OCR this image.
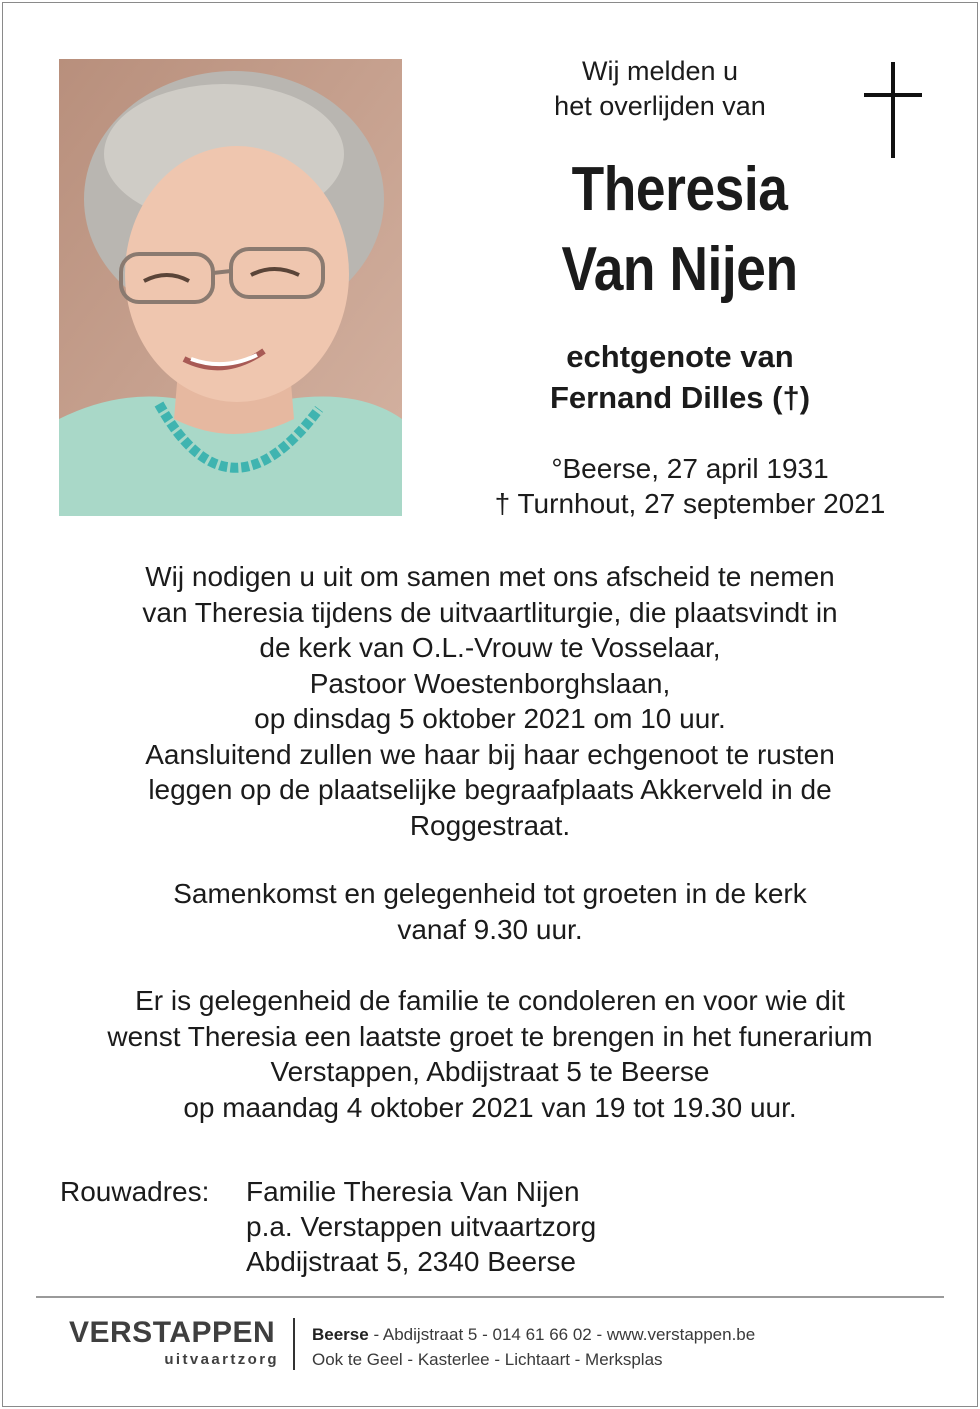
Wij melden u
het overlijden van
Theresia
Van Nijen
echtgenote van
Fernand Dilles (†)
°Beerse, 27 april 1931
† Turnhout, 27 september 2021
Wij nodigen u uit om samen met ons afscheid te nemen
van Theresia tijdens de uitvaartliturgie, die plaatsvindt in
de kerk van O.L.-Vrouw te Vosselaar,
Pastoor Woestenborghslaan,
op dinsdag 5 oktober 2021 om 10 uur.
Aansluitend zullen we haar bij haar echgenoot te rusten
leggen op de plaatselijke begraafplaats Akkerveld in de
Roggestraat.
Samenkomst en gelegenheid tot groeten in de kerk
vanaf 9.30 uur.
Er is gelegenheid de familie te condoleren en voor wie dit
wenst Theresia een laatste groet te brengen in het funerarium
Verstappen, Abdijstraat 5 te Beerse
op maandag 4 oktober 2021 van 19 tot 19.30 uur.
Rouwadres:	Familie Theresia Van Nijen
p.a. Verstappen uitvaartzorg
Abdijstraat 5, 2340 Beerse
VERSTAPPEN
uitvaartzorg
Beerse - Abdijstraat 5 - 014 61 66 02 - www.verstappen.be
Ook te Geel - Kasterlee - Lichtaart - Merksplas
